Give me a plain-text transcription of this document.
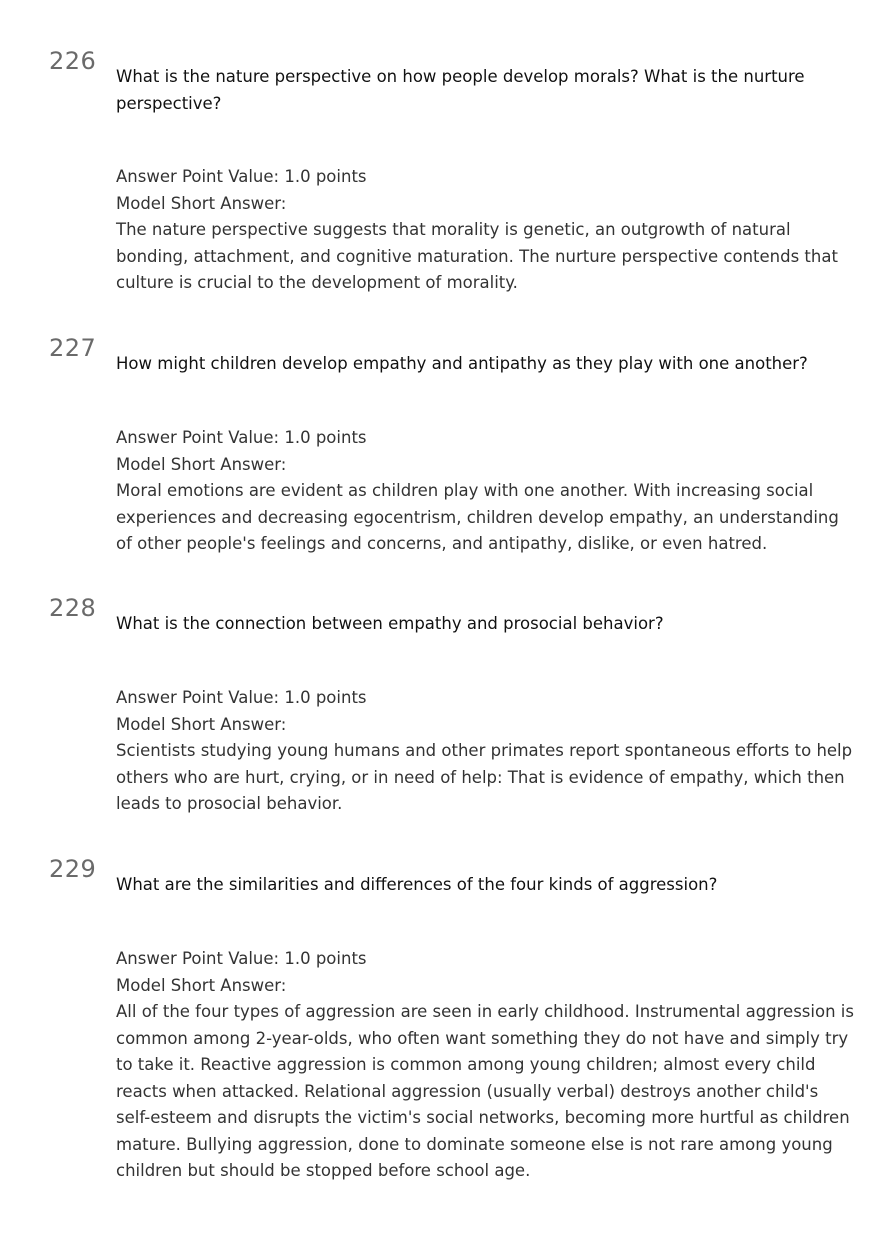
226
What is the nature perspective on how people develop morals? What is the nurture perspective?
Answer Point Value: 1.0 points
Model Short Answer:
The nature perspective suggests that morality is genetic, an outgrowth of natural bonding, attachment, and cognitive maturation. The nurture perspective contends that culture is crucial to the development of morality.
227
How might children develop empathy and antipathy as they play with one another?
Answer Point Value: 1.0 points
Model Short Answer:
Moral emotions are evident as children play with one another. With increasing social experiences and decreasing egocentrism, children develop empathy, an understanding of other people's feelings and concerns, and antipathy, dislike, or even hatred.
228
What is the connection between empathy and prosocial behavior?
Answer Point Value: 1.0 points
Model Short Answer:
Scientists studying young humans and other primates report spontaneous efforts to help others who are hurt, crying, or in need of help: That is evidence of empathy, which then leads to prosocial behavior.
229
What are the similarities and differences of the four kinds of aggression?
Answer Point Value: 1.0 points
Model Short Answer:
All of the four types of aggression are seen in early childhood. Instrumental aggression is common among 2-year-olds, who often want something they do not have and simply try to take it. Reactive aggression is common among young children; almost every child reacts when attacked. Relational aggression (usually verbal) destroys another child's self-esteem and disrupts the victim's social networks, becoming more hurtful as children mature. Bullying aggression, done to dominate someone else is not rare among young children but should be stopped before school age.
